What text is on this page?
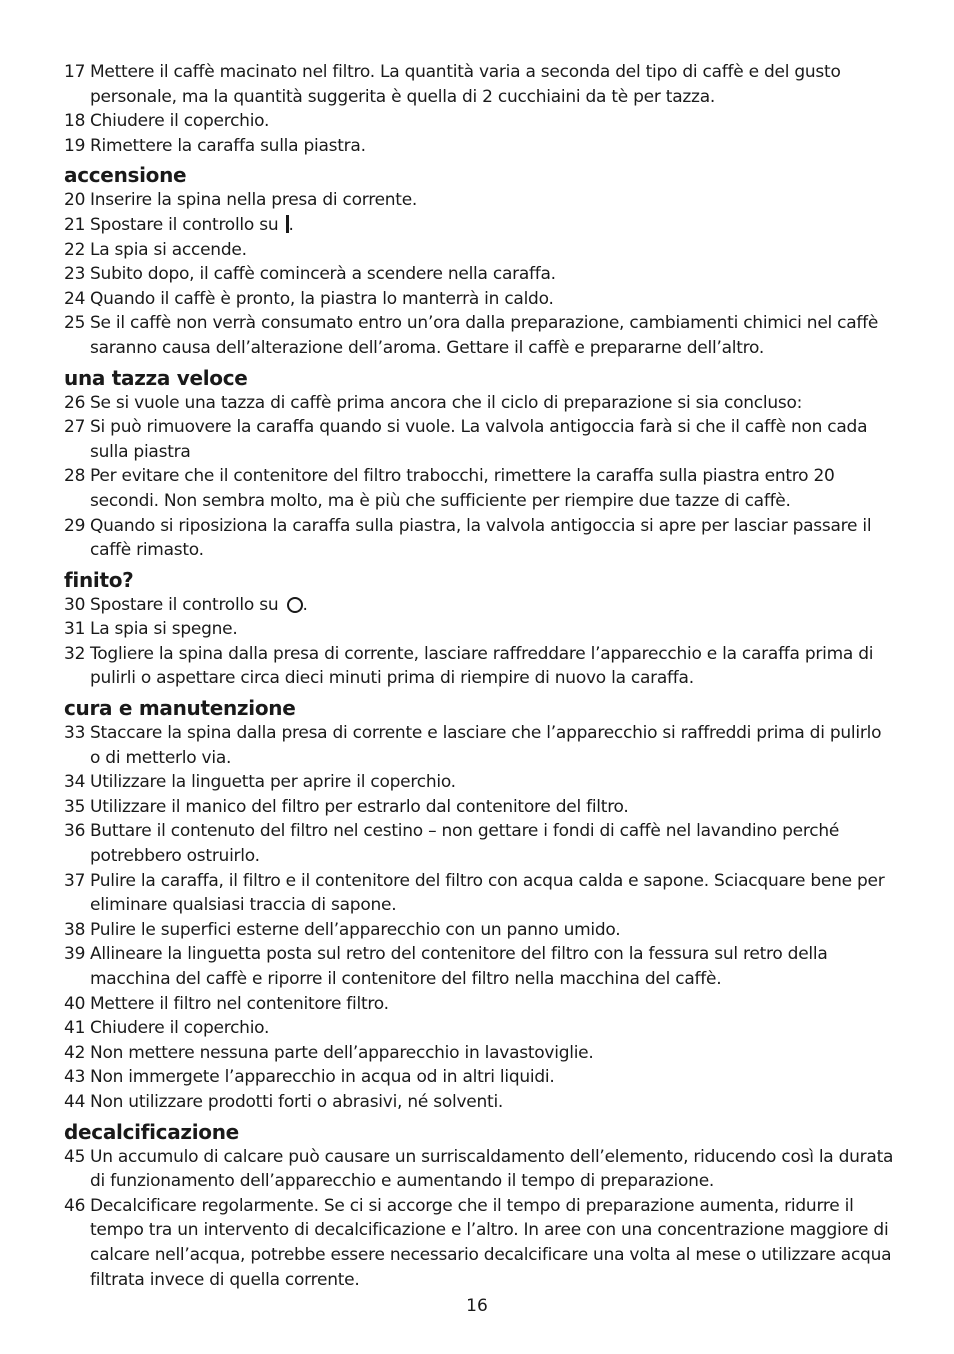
17 Mettere il caffè macinato nel filtro. La quantità varia a seconda del tipo di caffè e del gusto personale, ma la quantità suggerita è quella di 2 cucchiaini da tè per tazza.
18 Chiudere il coperchio.
19 Rimettere la caraffa sulla piastra.
accensione
20 Inserire la spina nella presa di corrente.
21 Spostare il controllo su .
22 La spia si accende.
23 Subito dopo, il caffè comincerà a scendere nella caraffa.
24 Quando il caffè è pronto, la piastra lo manterrà in caldo.
25 Se il caffè non verrà consumato entro un’ora dalla preparazione, cambiamenti chimici nel caffè saranno causa dell’alterazione dell’aroma. Gettare il caffè e prepararne dell’altro.
una tazza veloce
26 Se si vuole una tazza di caffè prima ancora che il ciclo di preparazione si sia concluso:
27 Si può rimuovere la caraffa quando si vuole. La valvola antigoccia farà si che il caffè non cada sulla piastra
28 Per evitare che il contenitore del filtro trabocchi, rimettere la caraffa sulla piastra entro 20 secondi. Non sembra molto, ma è più che sufficiente per riempire due tazze di caffè.
29 Quando si riposiziona la caraffa sulla piastra, la valvola antigoccia si apre per lasciar passare il caffè rimasto.
finito?
30 Spostare il controllo su .
31 La spia si spegne.
32 Togliere la spina dalla presa di corrente, lasciare raffreddare l’apparecchio e la caraffa prima di pulirli o aspettare circa dieci minuti prima di riempire di nuovo la caraffa.
cura e manutenzione
33 Staccare la spina dalla presa di corrente e lasciare che l’apparecchio si raffreddi prima di pulirlo o di metterlo via.
34 Utilizzare la linguetta per aprire il coperchio.
35 Utilizzare il manico del filtro per estrarlo dal contenitore del filtro.
36 Buttare il contenuto del filtro nel cestino – non gettare i fondi di caffè nel lavandino perché potrebbero ostruirlo.
37 Pulire la caraffa, il filtro e il contenitore del filtro con acqua calda e sapone. Sciacquare bene per eliminare qualsiasi traccia di sapone.
38 Pulire le superfici esterne dell’apparecchio con un panno umido.
39 Allineare la linguetta posta sul retro del contenitore del filtro con la fessura sul retro della macchina del caffè e riporre il contenitore del filtro nella macchina del caffè.
40 Mettere il filtro nel contenitore filtro.
41 Chiudere il coperchio.
42 Non mettere nessuna parte dell’apparecchio in lavastoviglie.
43 Non immergete l’apparecchio in acqua od in altri liquidi.
44 Non utilizzare prodotti forti o abrasivi, né solventi.
decalcificazione
45 Un accumulo di calcare può causare un surriscaldamento dell’elemento, riducendo così la durata di funzionamento dell’apparecchio e aumentando il tempo di preparazione.
46 Decalcificare regolarmente. Se ci si accorge che il tempo di preparazione aumenta, ridurre il tempo tra un intervento di decalcificazione e l’altro. In aree con una concentrazione maggiore di calcare nell’acqua, potrebbe essere necessario decalcificare una volta al mese o utilizzare acqua filtrata invece di quella corrente.
16
